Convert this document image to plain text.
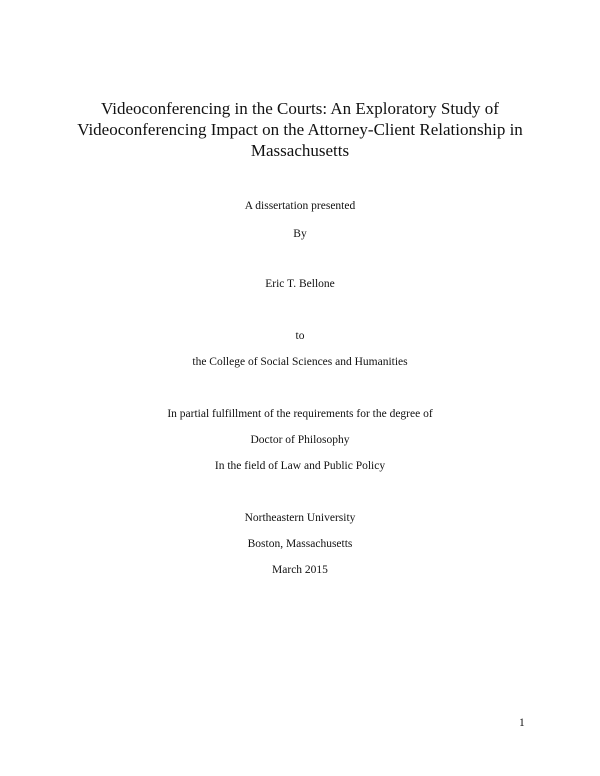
Videoconferencing in the Courts: An Exploratory Study of
Videoconferencing Impact on the Attorney-Client Relationship in
Massachusetts

A dissertation presented

By

Eric T. Bellone

to

the College of Social Sciences and Humanities

In partial fulfillment of the requirements for the degree of

Doctor of Philosophy

In the field of Law and Public Policy

Northeastern University

Boston, Massachusetts

March 2015

1
